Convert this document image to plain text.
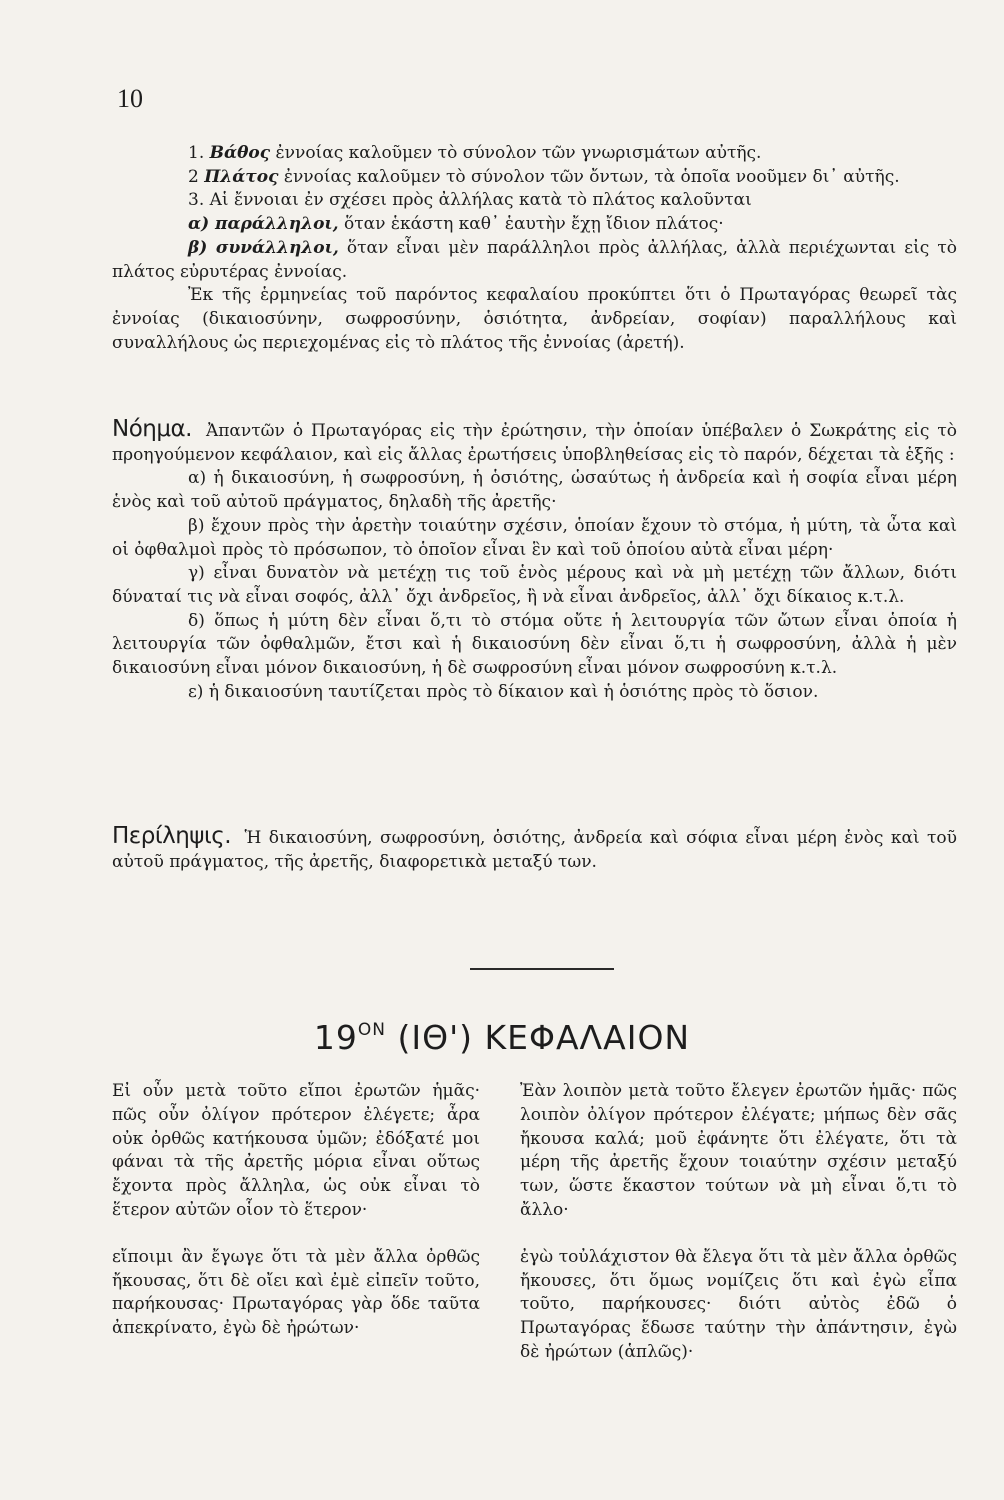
10

1. Βάθος ἐννοίας καλοῦμεν τὸ σύνολον τῶν γνωρισμάτων αὐτῆς.

2 Πλάτος ἐννοίας καλοῦμεν τὸ σύνολον τῶν ὄντων, τὰ ὁποῖα νοοῦμεν δι᾽ αὐτῆς.

3. Αἱ ἔννοιαι ἐν σχέσει πρὸς ἀλλήλας κατὰ τὸ πλάτος καλοῦνται

α) παράλληλοι, ὅταν ἑκάστη καθ᾽ ἑαυτὴν ἔχῃ ἴδιον πλάτος·

β) συνάλληλοι, ὅταν εἶναι μὲν παράλληλοι πρὸς ἀλλήλας, ἀλλὰ περιέχωνται εἰς τὸ πλάτος εὐρυτέρας ἐννοίας.

Ἐκ τῆς ἑρμηνείας τοῦ παρόντος κεφαλαίου προκύπτει ὅτι ὁ Πρωταγόρας θεωρεῖ τὰς ἐννοίας (δικαιοσύνην, σωφροσύνην, ὁσιότητα, ἀνδρείαν, σοφίαν) παραλλήλους καὶ συναλλήλους ὡς περιεχομένας εἰς τὸ πλάτος τῆς ἐννοίας (ἀρετή).

Νόημα. Ἀπαντῶν ὁ Πρωταγόρας εἰς τὴν ἐρώτησιν, τὴν ὁποίαν ὑπέβαλεν ὁ Σωκράτης εἰς τὸ προηγούμενον κεφάλαιον, καὶ εἰς ἄλλας ἐρωτήσεις ὑποβληθείσας εἰς τὸ παρόν, δέχεται τὰ ἑξῆς :

α) ἡ δικαιοσύνη, ἡ σωφροσύνη, ἡ ὁσιότης, ὡσαύτως ἡ ἀνδρεία καὶ ἡ σοφία εἶναι μέρη ἑνὸς καὶ τοῦ αὐτοῦ πράγματος, δηλαδὴ τῆς ἀρετῆς·

β) ἔχουν πρὸς τὴν ἀρετὴν τοιαύτην σχέσιν, ὁποίαν ἔχουν τὸ στόμα, ἡ μύτη, τὰ ὦτα καὶ οἱ ὀφθαλμοὶ πρὸς τὸ πρόσωπον, τὸ ὁποῖον εἶναι ἓν καὶ τοῦ ὁποίου αὐτὰ εἶναι μέρη·

γ) εἶναι δυνατὸν νὰ μετέχῃ τις τοῦ ἑνὸς μέρους καὶ νὰ μὴ μετέχῃ τῶν ἄλλων, διότι δύναταί τις νὰ εἶναι σοφός, ἀλλ᾽ ὄχι ἀνδρεῖος, ἢ νὰ εἶναι ἀνδρεῖος, ἀλλ᾽ ὄχι δίκαιος κ.τ.λ.

δ) ὅπως ἡ μύτη δὲν εἶναι ὅ,τι τὸ στόμα οὔτε ἡ λειτουργία τῶν ὤτων εἶναι ὁποία ἡ λειτουργία τῶν ὀφθαλμῶν, ἔτσι καὶ ἡ δικαιοσύνη δὲν εἶναι ὅ,τι ἡ σωφροσύνη, ἀλλὰ ἡ μὲν δικαιοσύνη εἶναι μόνον δικαιοσύνη, ἡ δὲ σωφροσύνη εἶναι μόνον σωφροσύνη κ.τ.λ.

ε) ἡ δικαιοσύνη ταυτίζεται πρὸς τὸ δίκαιον καὶ ἡ ὁσιότης πρὸς τὸ ὅσιον.

Περίληψις. Ἡ δικαιοσύνη, σωφροσύνη, ὁσιότης, ἀνδρεία καὶ σόφια εἶναι μέρη ἑνὸς καὶ τοῦ αὐτοῦ πράγματος, τῆς ἀρετῆς, διαφορετικὰ μεταξύ των.

$19^{ON}$ (ΙΘ') ΚΕΦΑΛΑΙΟΝ

Εἰ οὖν μετὰ τοῦτο εἴποι ἐρωτῶν ἡμᾶς· πῶς οὖν ὀλίγον πρότερον ἐλέγετε; ἆρα οὐκ ὀρθῶς κατήκουσα ὑμῶν; ἐδόξατέ μοι φάναι τὰ τῆς ἀρετῆς μόρια εἶναι οὕτως ἔχοντα πρὸς ἄλληλα, ὡς οὐκ εἶναι τὸ ἕτερον αὐτῶν οἷον τὸ ἕτερον·

εἴποιμι ἂν ἔγωγε ὅτι τὰ μὲν ἄλλα ὀρθῶς ἤκουσας, ὅτι δὲ οἴει καὶ ἐμὲ εἰπεῖν τοῦτο, παρήκουσας· Πρωταγόρας γὰρ ὅδε ταῦτα ἀπεκρίνατο, ἐγὼ δὲ ἠρώτων·

Ἐὰν λοιπὸν μετὰ τοῦτο ἔλεγεν ἐρωτῶν ἡμᾶς· πῶς λοιπὸν ὀλίγον πρότερον ἐλέγατε; μήπως δὲν σᾶς ἤκουσα καλά; μοῦ ἐφάνητε ὅτι ἐλέγατε, ὅτι τὰ μέρη τῆς ἀρετῆς ἔχουν τοιαύτην σχέσιν μεταξύ των, ὥστε ἕκαστον τούτων νὰ μὴ εἶναι ὅ,τι τὸ ἄλλο·

ἐγὼ τοὐλάχιστον θὰ ἔλεγα ὅτι τὰ μὲν ἄλλα ὀρθῶς ἤκουσες, ὅτι ὅμως νομίζεις ὅτι καὶ ἐγὼ εἶπα τοῦτο, παρήκουσες· διότι αὐτὸς ἐδῶ ὁ Πρωταγόρας ἔδωσε ταύτην τὴν ἀπάντησιν, ἐγὼ δὲ ἠρώτων (ἁπλῶς)·
